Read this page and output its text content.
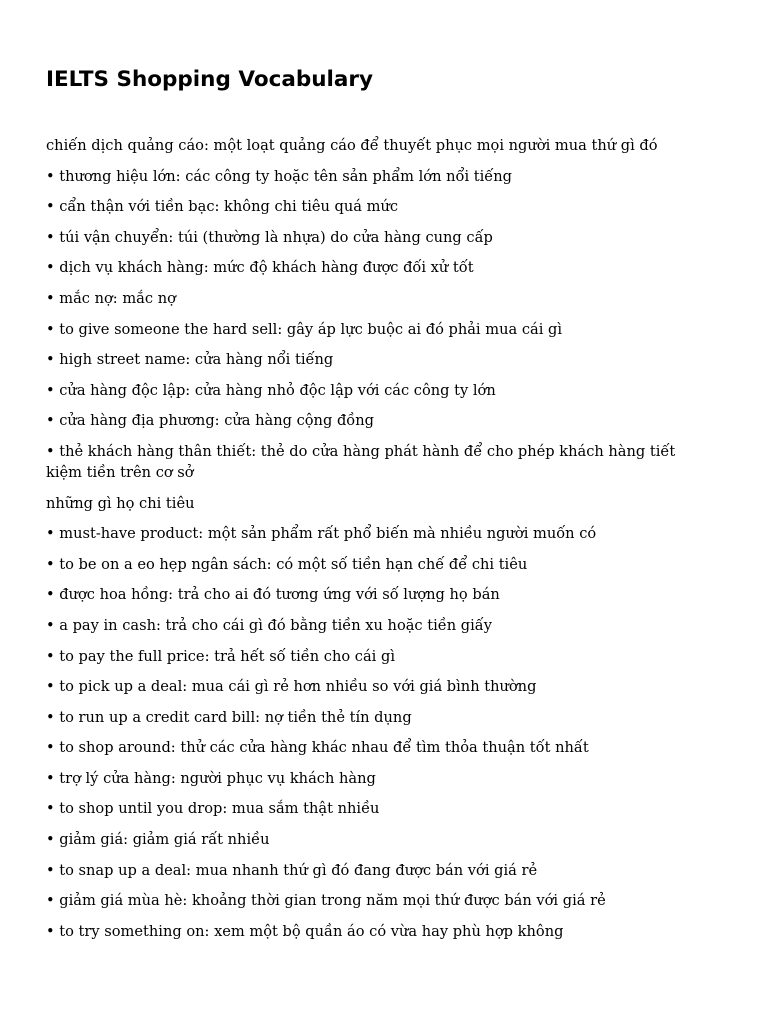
IELTS Shopping Vocabulary

chiến dịch quảng cáo: một loạt quảng cáo để thuyết phục mọi người mua thứ gì đó

• thương hiệu lớn: các công ty hoặc tên sản phẩm lớn nổi tiếng

• cẩn thận với tiền bạc: không chi tiêu quá mức

• túi vận chuyển: túi (thường là nhựa) do cửa hàng cung cấp

• dịch vụ khách hàng: mức độ khách hàng được đối xử tốt

• mắc nợ: mắc nợ

• to give someone the hard sell: gây áp lực buộc ai đó phải mua cái gì

• high street name: cửa hàng nổi tiếng

• cửa hàng độc lập: cửa hàng nhỏ độc lập với các công ty lớn

• cửa hàng địa phương: cửa hàng cộng đồng

• thẻ khách hàng thân thiết: thẻ do cửa hàng phát hành để cho phép khách hàng tiết kiệm tiền trên cơ sở

những gì họ chi tiêu

• must-have product: một sản phẩm rất phổ biến mà nhiều người muốn có

• to be on a eo hẹp ngân sách: có một số tiền hạn chế để chi tiêu

• được hoa hồng: trả cho ai đó tương ứng với số lượng họ bán

• a pay in cash: trả cho cái gì đó bằng tiền xu hoặc tiền giấy

• to pay the full price: trả hết số tiền cho cái gì

• to pick up a deal: mua cái gì rẻ hơn nhiều so với giá bình thường

• to run up a credit card bill: nợ tiền thẻ tín dụng

• to shop around: thử các cửa hàng khác nhau để tìm thỏa thuận tốt nhất

• trợ lý cửa hàng: người phục vụ khách hàng

• to shop until you drop: mua sắm thật nhiều

• giảm giá: giảm giá rất nhiều

• to snap up a deal: mua nhanh thứ gì đó đang được bán với giá rẻ

• giảm giá mùa hè: khoảng thời gian trong năm mọi thứ được bán với giá rẻ

• to try something on: xem một bộ quần áo có vừa hay phù hợp không
